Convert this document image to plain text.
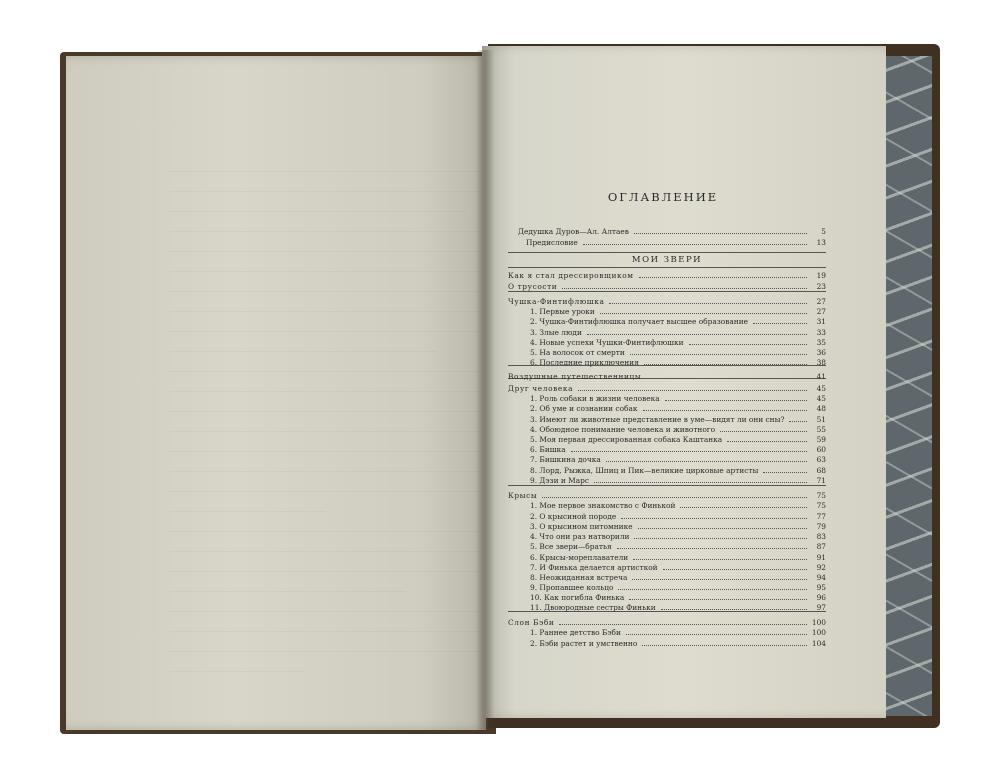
ОГЛАВЛЕНИЕ
Дедушка Дуров—Ал. Алтаев	5
Предисловие	13
МОИ ЗВЕРИ
Как я стал дрессировщиком	19
О трусости	23
Чушка-Финтифлюшка	27
1. Первые уроки	27
2. Чушка-Финтифлюшка получает высшее образование	31
3. Злые люди	33
4. Новые успехи Чушки-Финтифлюшки	35
5. На волосок от смерти	36
6. Последние приключения	38
Воздушные путешественницы	41
Друг человека	45
1. Роль собаки в жизни человека	45
2. Об уме и сознании собак	48
3. Имеют ли животные представление в уме—видят ли они сны?	51
4. Обоюдное понимание человека и животного	55
5. Моя первая дрессированная собака Каштанка	59
6. Бишка	60
7. Бишкина дочка	63
8. Лорд, Рыжка, Шпиц и Пик—великие цирковые артисты	68
9. Дэзи и Марс	71
Крысы	75
1. Мое первое знакомство с Финькой	75
2. О крысиной породе	77
3. О крысином питомнике	79
4. Что они раз натворили	83
5. Все звери—братья	87
6. Крысы-мореплаватели	91
7. И Финька делается артисткой	92
8. Неожиданная встреча	94
9. Пропавшее кольцо	95
10. Как погибла Финька	96
11. Двоюродные сестры Финьки	97
Слон Бэби	100
1. Раннее детство Бэби	100
2. Бэби растет и умственно	104
